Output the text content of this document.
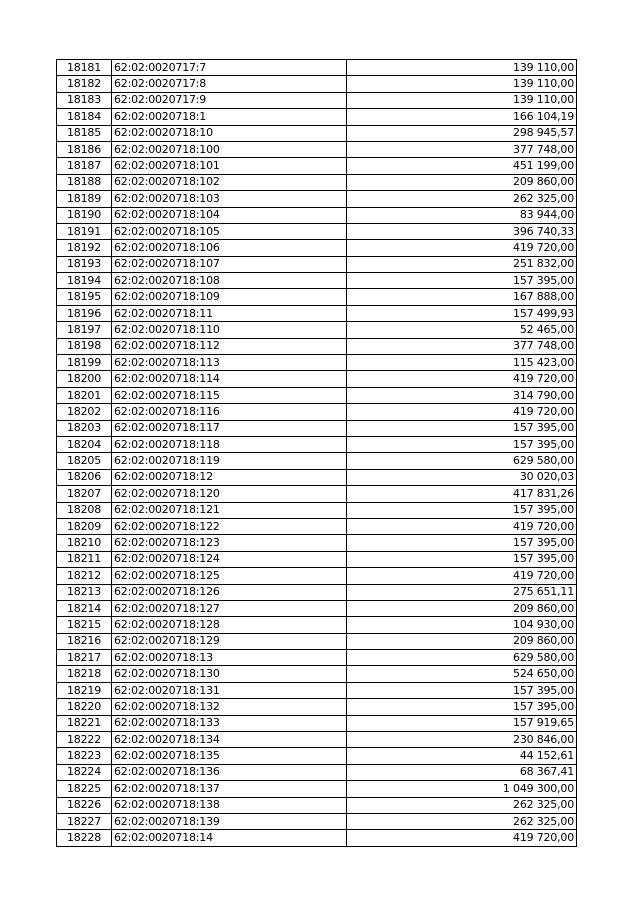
18181	62:02:0020717:7	139 110,00
18182	62:02:0020717:8	139 110,00
18183	62:02:0020717:9	139 110,00
18184	62:02:0020718:1	166 104,19
18185	62:02:0020718:10	298 945,57
18186	62:02:0020718:100	377 748,00
18187	62:02:0020718:101	451 199,00
18188	62:02:0020718:102	209 860,00
18189	62:02:0020718:103	262 325,00
18190	62:02:0020718:104	83 944,00
18191	62:02:0020718:105	396 740,33
18192	62:02:0020718:106	419 720,00
18193	62:02:0020718:107	251 832,00
18194	62:02:0020718:108	157 395,00
18195	62:02:0020718:109	167 888,00
18196	62:02:0020718:11	157 499,93
18197	62:02:0020718:110	52 465,00
18198	62:02:0020718:112	377 748,00
18199	62:02:0020718:113	115 423,00
18200	62:02:0020718:114	419 720,00
18201	62:02:0020718:115	314 790,00
18202	62:02:0020718:116	419 720,00
18203	62:02:0020718:117	157 395,00
18204	62:02:0020718:118	157 395,00
18205	62:02:0020718:119	629 580,00
18206	62:02:0020718:12	30 020,03
18207	62:02:0020718:120	417 831,26
18208	62:02:0020718:121	157 395,00
18209	62:02:0020718:122	419 720,00
18210	62:02:0020718:123	157 395,00
18211	62:02:0020718:124	157 395,00
18212	62:02:0020718:125	419 720,00
18213	62:02:0020718:126	275 651,11
18214	62:02:0020718:127	209 860,00
18215	62:02:0020718:128	104 930,00
18216	62:02:0020718:129	209 860,00
18217	62:02:0020718:13	629 580,00
18218	62:02:0020718:130	524 650,00
18219	62:02:0020718:131	157 395,00
18220	62:02:0020718:132	157 395,00
18221	62:02:0020718:133	157 919,65
18222	62:02:0020718:134	230 846,00
18223	62:02:0020718:135	44 152,61
18224	62:02:0020718:136	68 367,41
18225	62:02:0020718:137	1 049 300,00
18226	62:02:0020718:138	262 325,00
18227	62:02:0020718:139	262 325,00
18228	62:02:0020718:14	419 720,00
